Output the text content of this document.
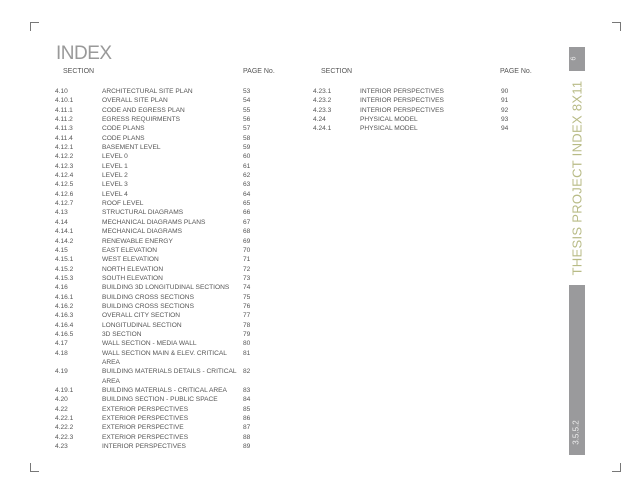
INDEX
SECTION	PAGE No.	SECTION	PAGE No.
4.10	ARCHITECTURAL SITE PLAN	53
4.10.1	OVERALL SITE PLAN	54
4.11.1	CODE AND EGRESS PLAN	55
4.11.2	EGRESS REQUIRMENTS	56
4.11.3	CODE PLANS	57
4.11.4	CODE PLANS	58
4.12.1	BASEMENT LEVEL	59
4.12.2	LEVEL 0	60
4.12.3	LEVEL 1	61
4.12.4	LEVEL 2	62
4.12.5	LEVEL 3	63
4.12.6	LEVEL 4	64
4.12.7	ROOF LEVEL	65
4.13	STRUCTURAL DIAGRAMS	66
4.14	MECHANICAL DIAGRAMS PLANS	67
4.14.1	MECHANICAL DIAGRAMS	68
4.14.2	RENEWABLE ENERGY	69
4.15	EAST ELEVATION	70
4.15.1	WEST ELEVATION	71
4.15.2	NORTH ELEVATION	72
4.15.3	SOUTH ELEVATION	73
4.16	BUILDING 3D LONGITUDINAL SECTIONS	74
4.16.1	BUILDING CROSS SECTIONS	75
4.16.2	BUILDING CROSS SECTIONS	76
4.16.3	OVERALL CITY SECTION	77
4.16.4	LONGITUDINAL SECTION	78
4.16.5	3D SECTION	79
4.17	WALL SECTION - MEDIA WALL	80
4.18	WALL SECTION MAIN & ELEV. CRITICAL AREA
81
4.19	BUILDING MATERIALS DETAILS - CRITICAL AREA
82
4.19.1	BUILDING MATERIALS - CRITICAL AREA	83
4.20	BUILDING SECTION - PUBLIC SPACE	84
4.22	EXTERIOR PERSPECTIVES	85
4.22.1	EXTERIOR PERSPECTIVES	86
4.22.2	EXTERIOR PERSPECTIVE	87
4.22.3	EXTERIOR PERSPECTIVES	88
4.23	INTERIOR PERSPECTIVES	89
4.23.1	INTERIOR PERSPECTIVES	90
4.23.2	INTERIOR PERSPECTIVES	91
4.23.3	INTERIOR PERSPECTIVES	92
4.24	PHYSICAL MODEL	93
4.24.1	PHYSICAL MODEL	94
6
THESIS PROJECT INDEX 8X11
3.5.5.2
